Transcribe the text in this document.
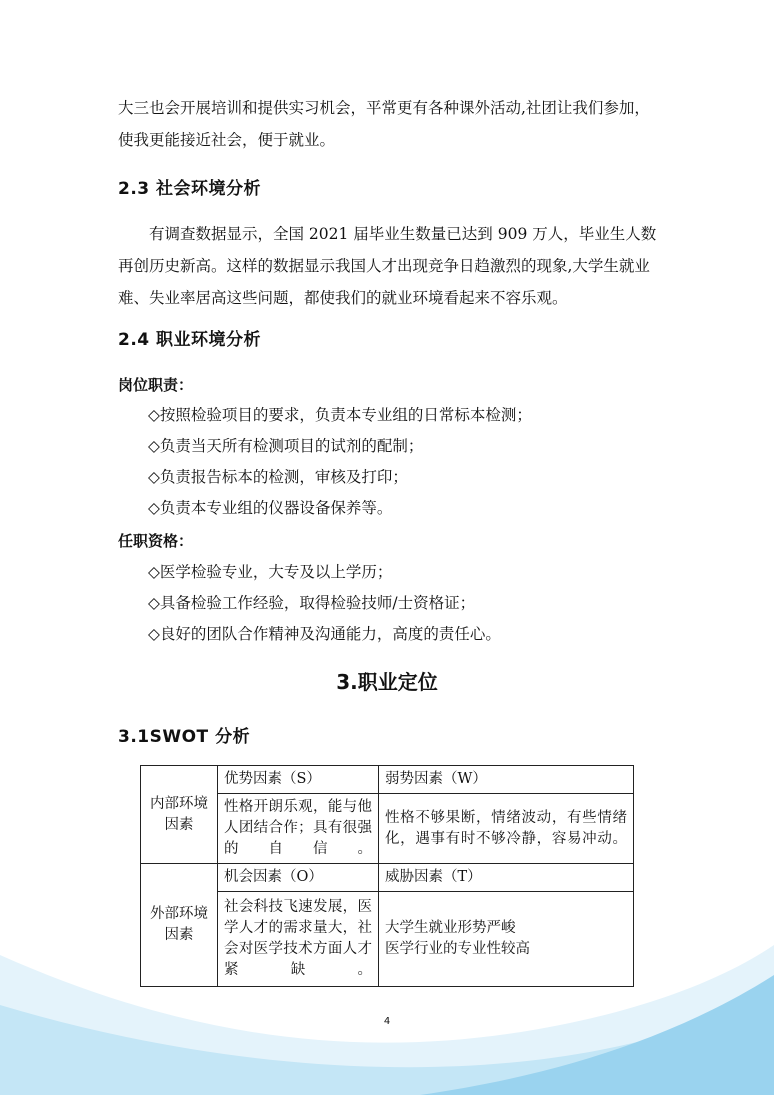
大三也会开展培训和提供实习机会，平常更有各种课外活动,社团让我们参加，使我更能接近社会，便于就业。

2.3 社会环境分析

有调查数据显示，全国 2021 届毕业生数量已达到 909 万人，毕业生人数再创历史新高。这样的数据显示我国人才出现竞争日趋激烈的现象,大学生就业难、失业率居高这些问题，都使我们的就业环境看起来不容乐观。

2.4 职业环境分析

岗位职责：

◇按照检验项目的要求，负责本专业组的日常标本检测；

◇负责当天所有检测项目的试剂的配制；

◇负责报告标本的检测，审核及打印；

◇负责本专业组的仪器设备保养等。

任职资格：

◇医学检验专业，大专及以上学历；

◇具备检验工作经验，取得检验技师/士资格证；

◇良好的团队合作精神及沟通能力，高度的责任心。

3.职业定位
3.1SWOT 分析
内部环境因素	优势因素（S）	弱势因素（W）
	性格开朗乐观，能与他人团结合作；具有很强的自信。	性格不够果断，情绪波动，有些情绪化，遇事有时不够冷静，容易冲动。
外部环境因素	机会因素（O）	威胁因素（T）
	社会科技飞速发展，医学人才的需求量大，社会对医学技术方面人才紧缺。	大学生就业形势严峻
医学行业的专业性较高
4
